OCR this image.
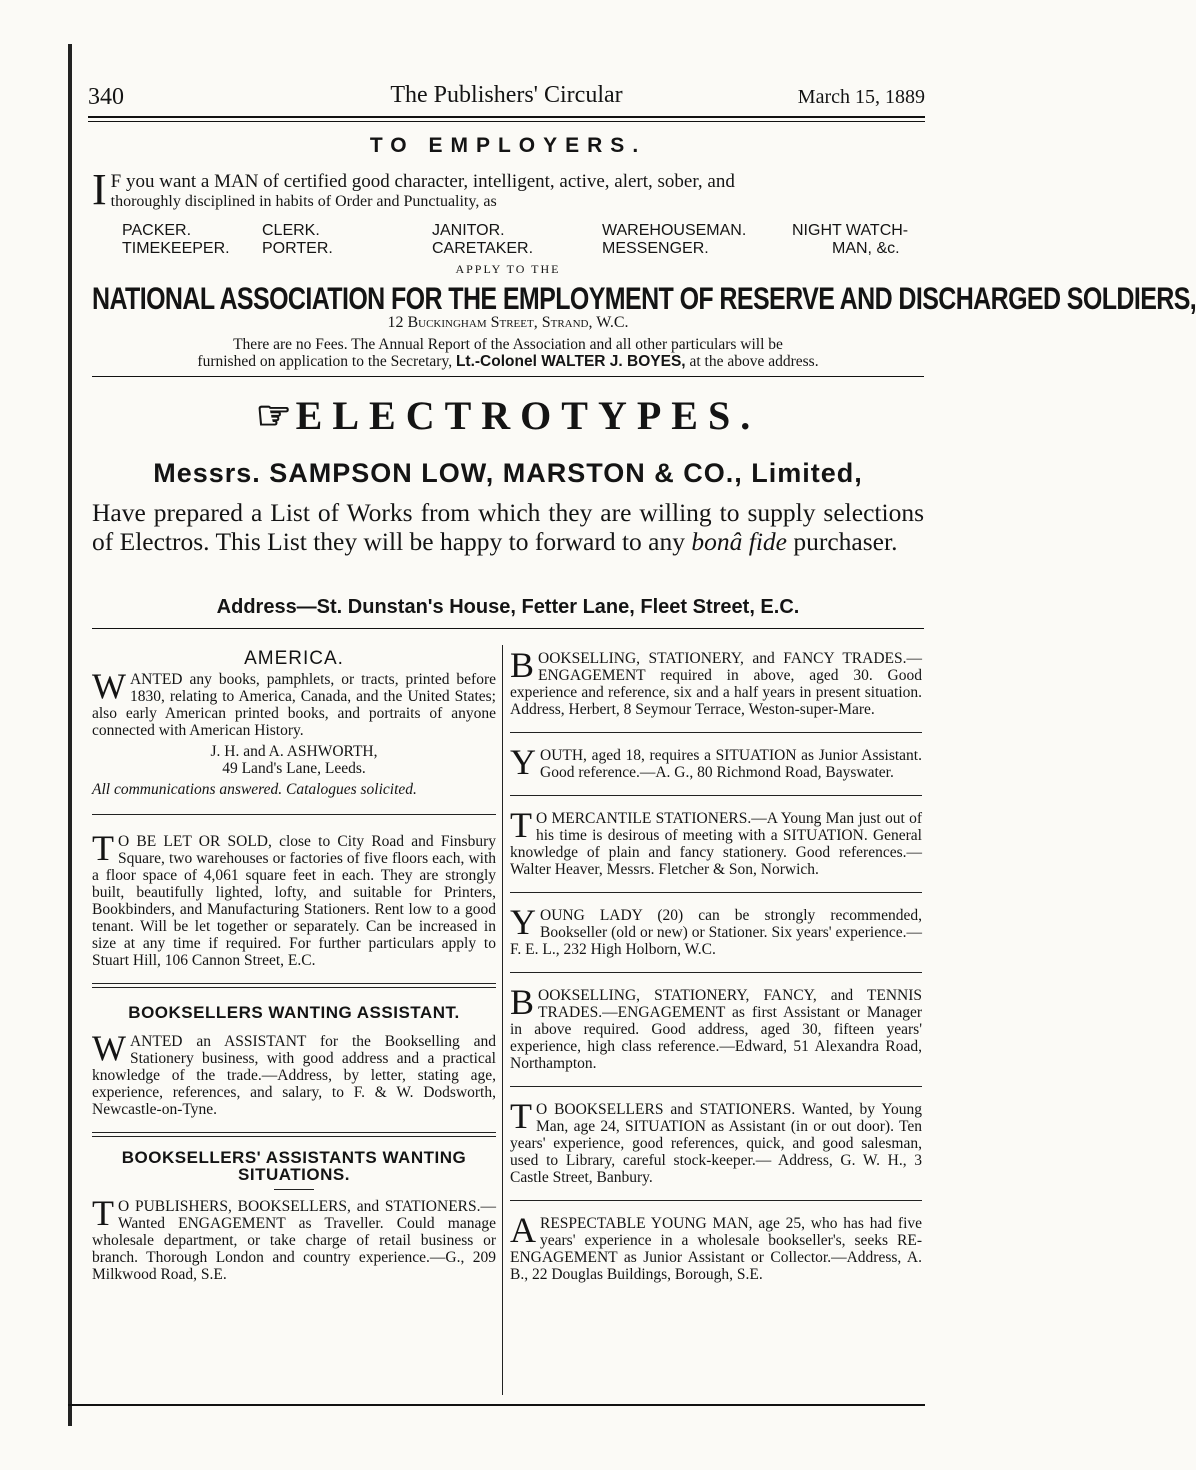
340	The Publishers' Circular	March 15, 1889
TO EMPLOYERS.
I F you want a MAN of certified good character, intelligent, active, alert, sober, and
thoroughly disciplined in habits of Order and Punctuality, as
PACKER.	CLERK.	JANITOR.	WAREHOUSEMAN.	NIGHT WATCH-
TIMEKEEPER.	PORTER.	CARETAKER.	MESSENGER.	MAN, &c.
APPLY TO THE
NATIONAL ASSOCIATION FOR THE EMPLOYMENT OF RESERVE AND DISCHARGED SOLDIERS,
12 Buckingham Street, Strand, W.C.
There are no Fees. The Annual Report of the Association and all other particulars will be
furnished on application to the Secretary, Lt.-Colonel WALTER J. BOYES, at the above address.
☞ELECTROTYPES.
Messrs. SAMPSON LOW, MARSTON & CO., Limited,
Have prepared a List of Works from which they are willing to supply selections of Electros. This List they will be happy to forward to any bonâ fide purchaser.
Address—St. Dunstan's House, Fetter Lane, Fleet Street, E.C.
AMERICA.
W ANTED any books, pamphlets, or tracts, printed before 1830, relating to America, Canada, and the United States; also early American printed books, and portraits of anyone connected with American History.
J. H. and A. ASHWORTH,
49 Land's Lane, Leeds.
All communications answered. Catalogues solicited.
T O BE LET OR SOLD, close to City Road and Finsbury Square, two warehouses or factories of five floors each, with a floor space of 4,061 square feet in each. They are strongly built, beautifully lighted, lofty, and suitable for Printers, Bookbinders, and Manufacturing Stationers. Rent low to a good tenant. Will be let together or separately. Can be increased in size at any time if required. For further particulars apply to Stuart Hill, 106 Cannon Street, E.C.
BOOKSELLERS WANTING ASSISTANT.
W ANTED an ASSISTANT for the Bookselling and Stationery business, with good address and a practical knowledge of the trade.—Address, by letter, stating age, experience, references, and salary, to F. & W. Dodsworth, Newcastle-on-Tyne.
BOOKSELLERS' ASSISTANTS WANTING
SITUATIONS.
T O PUBLISHERS, BOOKSELLERS, and STATIONERS.—Wanted ENGAGEMENT as Traveller. Could manage wholesale department, or take charge of retail business or branch. Thorough London and country experience.—G., 209 Milkwood Road, S.E.
B OOKSELLING, STATIONERY, and FANCY TRADES.—ENGAGEMENT required in above, aged 30. Good experience and reference, six and a half years in present situation. Address, Herbert, 8 Seymour Terrace, Weston-super-Mare.
Y OUTH, aged 18, requires a SITUATION as Junior Assistant. Good reference.—A. G., 80 Richmond Road, Bayswater.
T O MERCANTILE STATIONERS.—A Young Man just out of his time is desirous of meeting with a SITUATION. General knowledge of plain and fancy stationery. Good references.— Walter Heaver, Messrs. Fletcher & Son, Norwich.
Y OUNG LADY (20) can be strongly recommended, Bookseller (old or new) or Stationer. Six years' experience.—F. E. L., 232 High Holborn, W.C.
B OOKSELLING, STATIONERY, FANCY, and TENNIS TRADES.—ENGAGEMENT as first Assistant or Manager in above required. Good address, aged 30, fifteen years' experience, high class reference.—Edward, 51 Alexandra Road, Northampton.
T O BOOKSELLERS and STATIONERS. Wanted, by Young Man, age 24, SITUATION as Assistant (in or out door). Ten years' experience, good references, quick, and good salesman, used to Library, careful stock-keeper.— Address, G. W. H., 3 Castle Street, Banbury.
A RESPECTABLE YOUNG MAN, age 25, who has had five years' experience in a wholesale bookseller's, seeks RE-ENGAGEMENT as Junior Assistant or Collector.—Address, A. B., 22 Douglas Buildings, Borough, S.E.
